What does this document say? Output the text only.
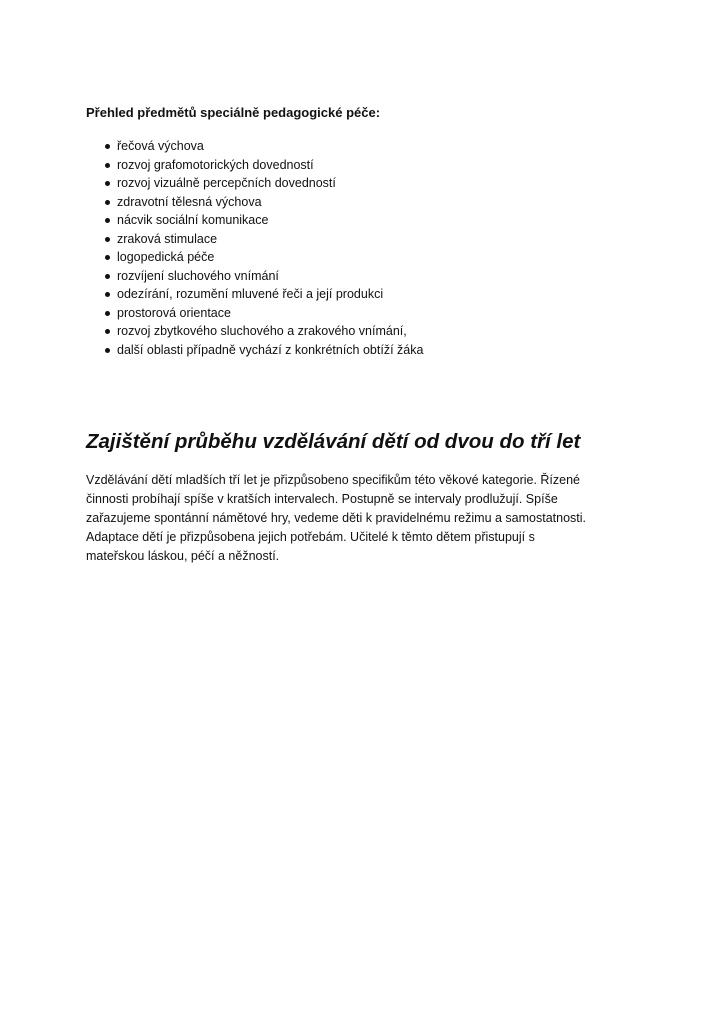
Přehled předmětů speciálně pedagogické péče:

řečová výchova
rozvoj grafomotorických dovedností
rozvoj vizuálně percepčních dovedností
zdravotní tělesná výchova
nácvik sociální komunikace
zraková stimulace
logopedická péče
rozvíjení sluchového vnímání
odezírání, rozumění mluvené řeči a její produkci
prostorová orientace
rozvoj zbytkového sluchového a zrakového vnímání,
další oblasti případně vychází z konkrétních obtíží žáka
Zajištění průběhu vzdělávání dětí od dvou do tří let

Vzdělávání dětí mladších tří let je přizpůsobeno specifikům této věkové kategorie. Řízené
činnosti probíhají spíše v kratších intervalech. Postupně se intervaly prodlužují. Spíše
zařazujeme spontánní námětové hry, vedeme děti k pravidelnému režimu a samostatnosti.
Adaptace dětí je přizpůsobena jejich potřebám. Učitelé k těmto dětem přistupují s
mateřskou láskou, péčí a něžností.
